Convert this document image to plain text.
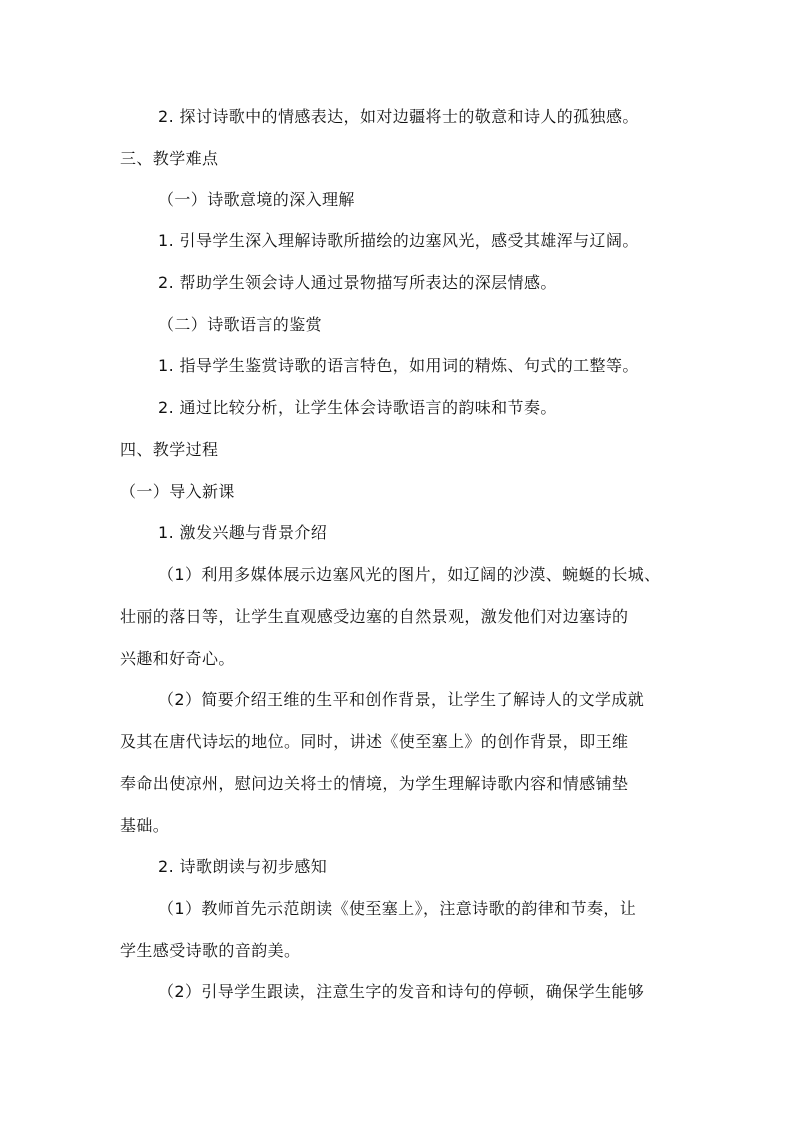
2. 探讨诗歌中的情感表达，如对边疆将士的敬意和诗人的孤独感。
三、教学难点
（一）诗歌意境的深入理解
1. 引导学生深入理解诗歌所描绘的边塞风光，感受其雄浑与辽阔。
2. 帮助学生领会诗人通过景物描写所表达的深层情感。
（二）诗歌语言的鉴赏
1. 指导学生鉴赏诗歌的语言特色，如用词的精炼、句式的工整等。
2. 通过比较分析，让学生体会诗歌语言的韵味和节奏。
四、教学过程
（一）导入新课
1. 激发兴趣与背景介绍
（1）利用多媒体展示边塞风光的图片，如辽阔的沙漠、蜿蜒的长城、
壮丽的落日等，让学生直观感受边塞的自然景观，激发他们对边塞诗的
兴趣和好奇心。
（2）简要介绍王维的生平和创作背景，让学生了解诗人的文学成就
及其在唐代诗坛的地位。同时，讲述《使至塞上》的创作背景，即王维
奉命出使凉州，慰问边关将士的情境，为学生理解诗歌内容和情感铺垫
基础。
2. 诗歌朗读与初步感知
（1）教师首先示范朗读《使至塞上》，注意诗歌的韵律和节奏，让
学生感受诗歌的音韵美。
（2）引导学生跟读，注意生字的发音和诗句的停顿，确保学生能够
